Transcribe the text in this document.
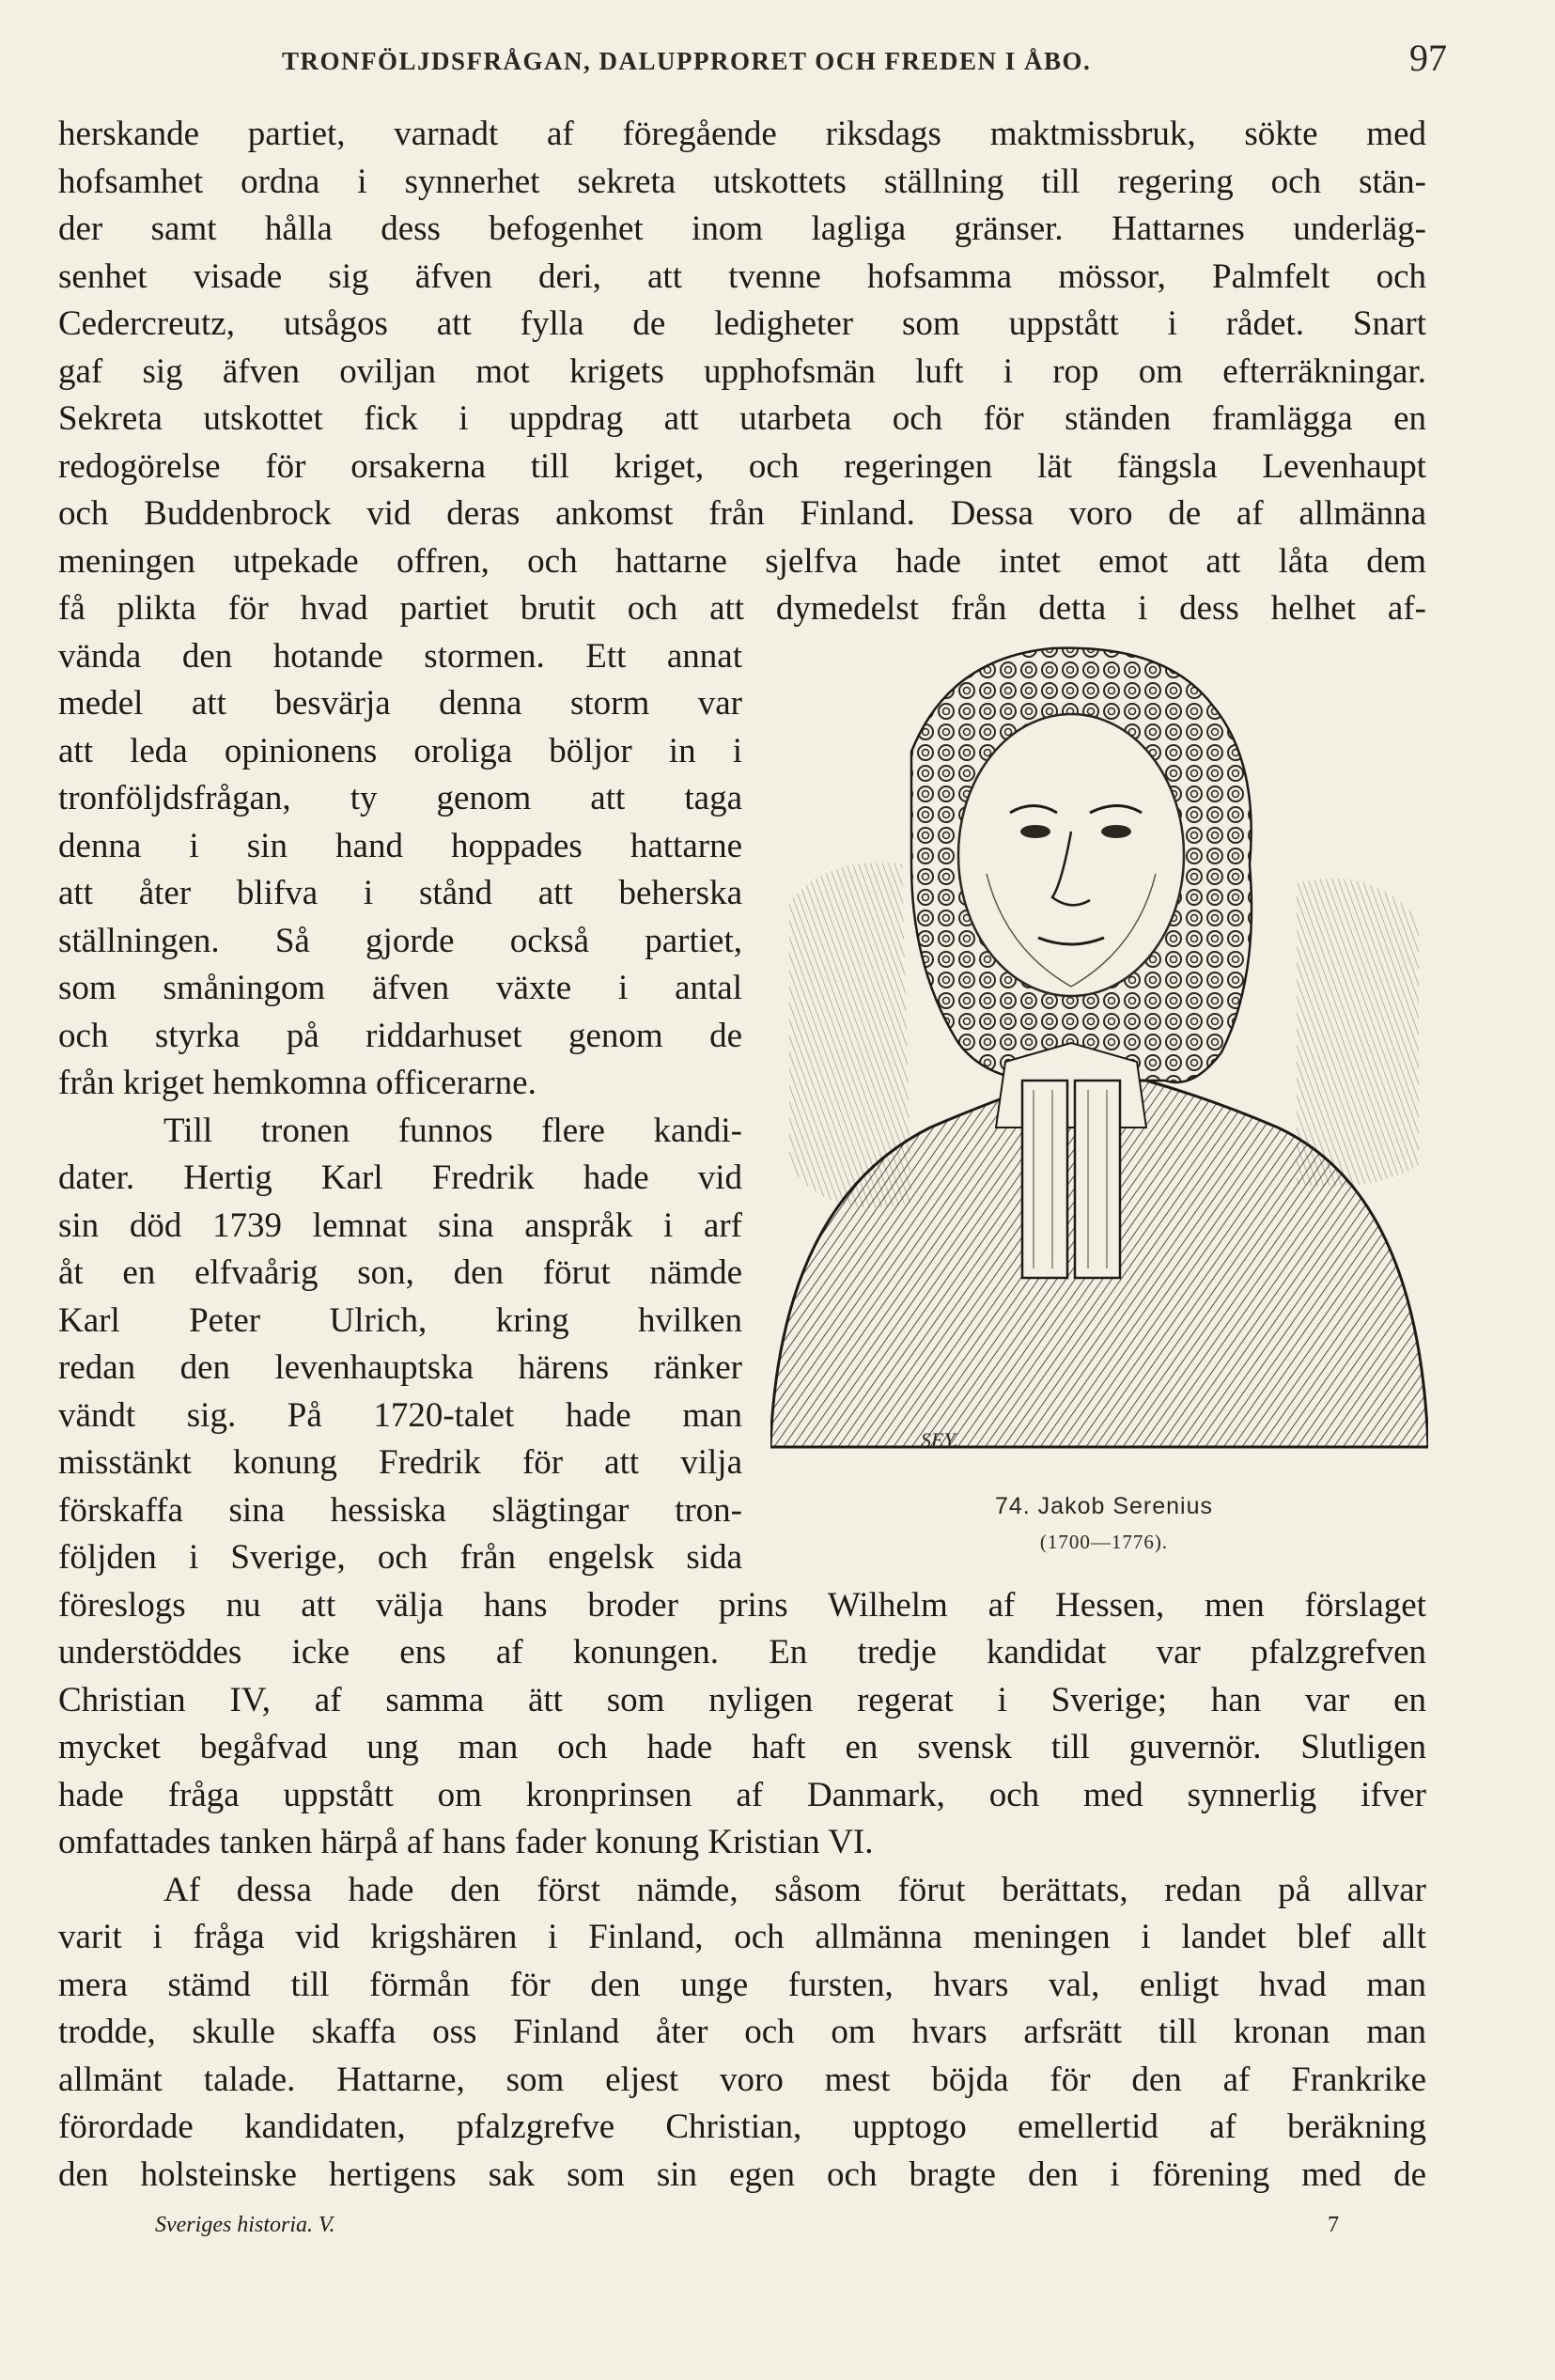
TRONFÖLJDSFRÅGAN, DALUPPRORET OCH FREDEN I ÅBO.	97
herskande partiet, varnadt af föregående riksdags maktmissbruk, sökte med
hofsamhet ordna i synnerhet sekreta utskottets ställning till regering och stän-
der samt hålla dess befogenhet inom lagliga gränser. Hattarnes underläg-
senhet visade sig äfven deri, att tvenne hofsamma mössor, Palmfelt och
Cedercreutz, utsågos att fylla de ledigheter som uppstått i rådet. Snart
gaf sig äfven oviljan mot krigets upphofsmän luft i rop om efterräkningar.
Sekreta utskottet fick i uppdrag att utarbeta och för ständen framlägga en
redogörelse för orsakerna till kriget, och regeringen lät fängsla Levenhaupt
och Buddenbrock vid deras ankomst från Finland. Dessa voro de af allmänna
meningen utpekade offren, och hattarne sjelfva hade intet emot att låta dem
få plikta för hvad partiet brutit och att dymedelst från detta i dess helhet af-
vända den hotande stormen. Ett annat
medel att besvärja denna storm var
att leda opinionens oroliga böljor in i
tronföljdsfrågan, ty genom att taga
denna i sin hand hoppades hattarne
att åter blifva i stånd att beherska
ställningen. Så gjorde också partiet,
som småningom äfven växte i antal
och styrka på riddarhuset genom de
från kriget hemkomna officerarne.
Till tronen funnos flere kandi-
dater. Hertig Karl Fredrik hade vid
sin död 1739 lemnat sina anspråk i arf
åt en elfvaårig son, den förut nämde
Karl Peter Ulrich, kring hvilken
redan den levenhauptska härens ränker
vändt sig. På 1720-talet hade man
misstänkt konung Fredrik för att vilja
förskaffa sina hessiska slägtingar tron-
följden i Sverige, och från engelsk sida
SEY.
74. Jakob Serenius
(1700—1776).
föreslogs nu att välja hans broder prins Wilhelm af Hessen, men förslaget
understöddes icke ens af konungen. En tredje kandidat var pfalzgrefven
Christian IV, af samma ätt som nyligen regerat i Sverige; han var en
mycket begåfvad ung man och hade haft en svensk till guvernör. Slutligen
hade fråga uppstått om kronprinsen af Danmark, och med synnerlig ifver
omfattades tanken härpå af hans fader konung Kristian VI.
Af dessa hade den först nämde, såsom förut berättats, redan på allvar
varit i fråga vid krigshären i Finland, och allmänna meningen i landet blef allt
mera stämd till förmån för den unge fursten, hvars val, enligt hvad man
trodde, skulle skaffa oss Finland åter och om hvars arfsrätt till kronan man
allmänt talade. Hattarne, som eljest voro mest böjda för den af Frankrike
förordade kandidaten, pfalzgrefve Christian, upptogo emellertid af beräkning
den holsteinske hertigens sak som sin egen och bragte den i förening med de
Sveriges historia. V.	7
